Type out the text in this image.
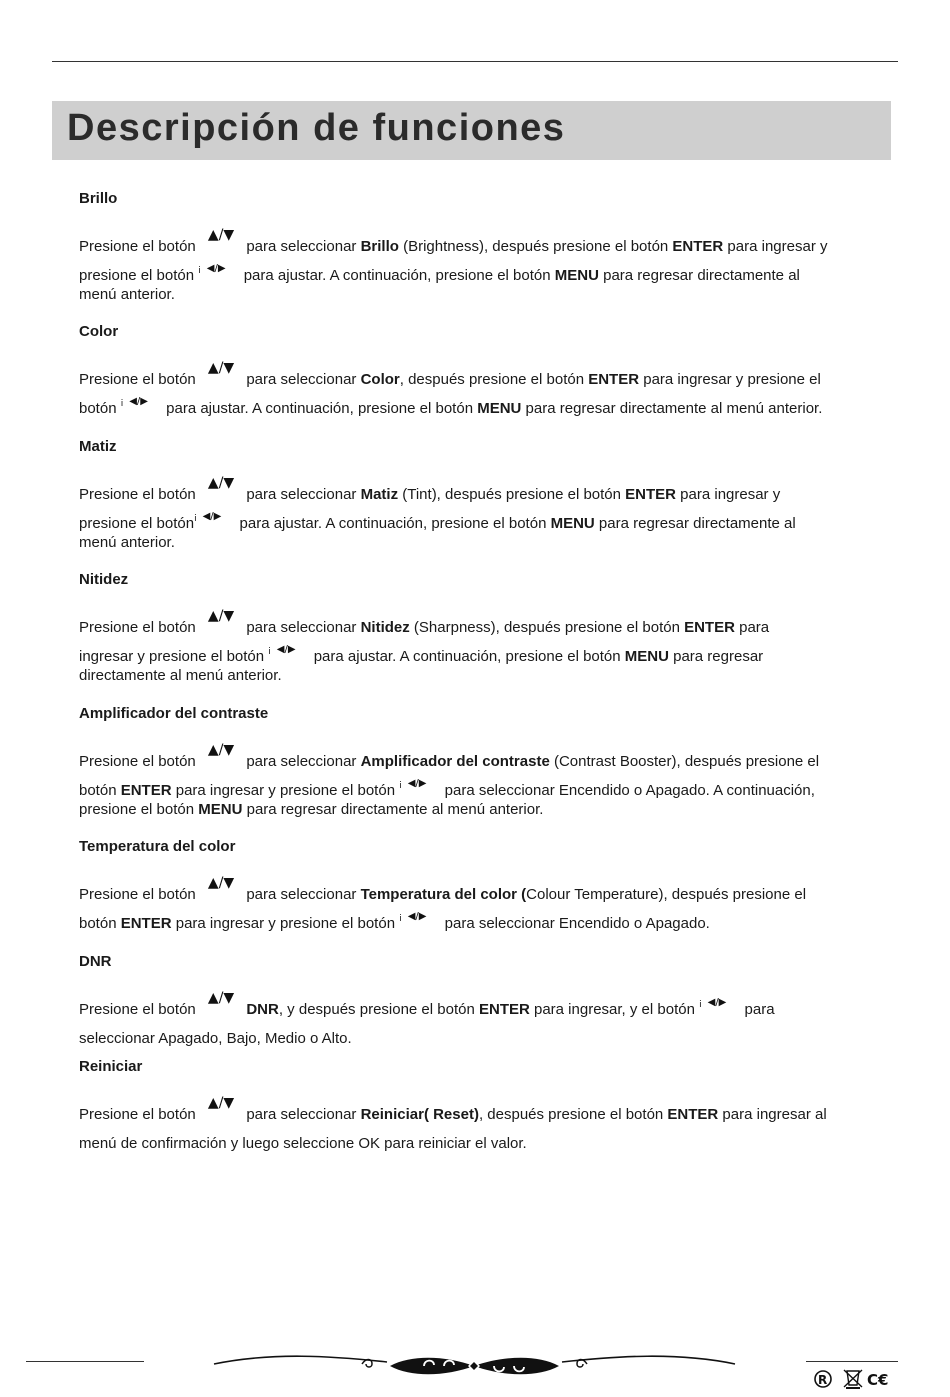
Descripción de funciones
Brillo
Presione el botón ▲/▼ para seleccionar Brillo (Brightness), después presione el botón ENTER para ingresar y
presione el botón ⅰ ◀/▶ para ajustar. A continuación, presione el botón MENU para regresar directamente al
menú anterior.
Color
Presione el botón ▲/▼ para seleccionar Color, después presione el botón ENTER para ingresar y presione el
botón ⅰ ◀/▶ para ajustar. A continuación, presione el botón MENU para regresar directamente al menú anterior.
Matiz
Presione el botón ▲/▼ para seleccionar Matiz (Tint), después presione el botón ENTER para ingresar y
presione el botónⅰ ◀/▶ para ajustar. A continuación, presione el botón MENU para regresar directamente al
menú anterior.
Nitidez
Presione el botón ▲/▼ para seleccionar Nitidez (Sharpness), después presione el botón ENTER para
ingresar y presione el botón ⅰ ◀/▶ para ajustar. A continuación, presione el botón MENU para regresar
directamente al menú anterior.
Amplificador del contraste
Presione el botón ▲/▼ para seleccionar Amplificador del contraste (Contrast Booster), después presione el
botón ENTER para ingresar y presione el botón ⅰ ◀/▶ para seleccionar Encendido o Apagado. A continuación,
presione el botón MENU para regresar directamente al menú anterior.
Temperatura del color
Presione el botón ▲/▼ para seleccionar Temperatura del color (Colour Temperature), después presione el
botón ENTER para ingresar y presione el botón ⅰ ◀/▶ para seleccionar Encendido o Apagado.
DNR
Presione el botón ▲/▼ DNR, y después presione el botón ENTER para ingresar, y el botón ⅰ ◀/▶ para
seleccionar Apagado, Bajo, Medio o Alto.
Reiniciar
Presione el botón ▲/▼ para seleccionar Reiniciar( Reset), después presione el botón ENTER para ingresar al
menú de confirmación y luego seleccione OK para reiniciar el valor.
R	C€
